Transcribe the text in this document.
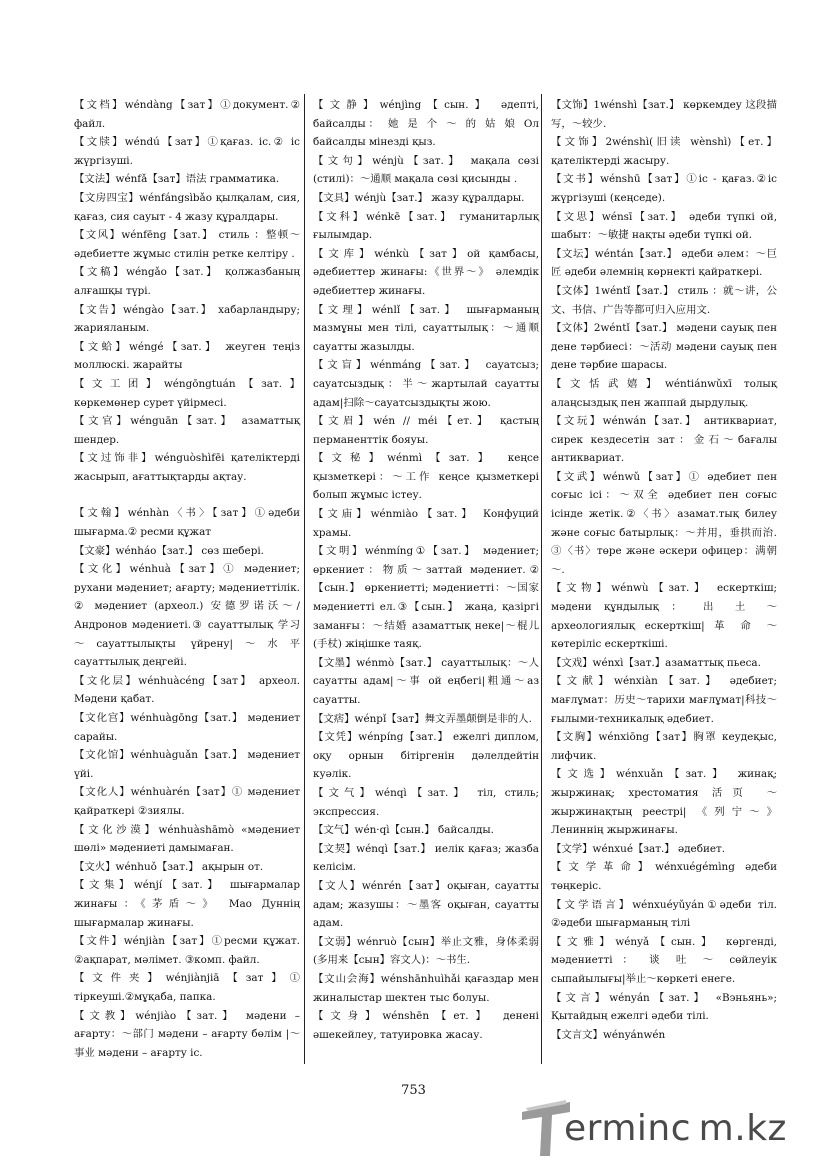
【文档】wéndàng【зат】①документ.② файл.
【文牍】wéndú【зат】①қағаз. іс.② іс жүргізуші.
【文法】wénfǎ【зат】语法 грамматика.
【文房四宝】wénfángsìbǎo қылқалам, сия, қағаз, сия сауыт - 4 жазу құралдары.
【文风】wénfēng【зат.】 стиль ：整顿～ әдебиетте жұмыс стилін ретке келтіру .
【文稿】wéngǎo【зат.】 қолжазбаның алғашқы түрі.
【文告】wéngào【зат.】 хабарландыру; жарияланым.
【文蛤】wéngé【зат.】 жеуген теңіз моллюскі. жарайты
【文工团】wéngōngtuán【зат.】 көркемөнер сурет үйірмесі.
【文官】wénguān【зат.】 азаматтық шендер.
【文过饰非】wénguòshìfēi қателіктерді жасырып, ағаттықтарды ақтау.
【文翰】wénhàn〈书〉【зат】①әдеби шығарма.② ресми құжат
【文豪】wénháo【зат.】 сөз шебері.
【文化】wénhuà【зат】① мәдениет; рухани мәдениет; ағарту; мәдениеттілік. ② мәдениет (археол.) 安德罗诺沃～/ Андронов мәдениеті.③ сауаттылық 学习～сауаттылықты үйрену|～水平 сауаттылық деңгейі.
【文化层】wénhuàcéng【зат】 археол. Мәдени қабат.
【文化宫】wénhuàgōng【зат.】 мәдениет сарайы.
【文化馆】wénhuàguǎn【зат.】 мәдениет үйі.
【文化人】wénhuàrén【зат】① мәдениет қайраткері ②зиялы.
【文化沙漠】wénhuàshāmò «мәдениет шөлі» мәдениеті дамымаған.
【文火】wénhuǒ【зат.】 ақырын от.
【文集】wénjí【зат.】 шығармалар жинағы：《茅盾～》 Мао Дуннің шығармалар жинағы.
【文件】wénjiàn【зат】①ресми құжат. ②ақпарат, мәлімет. ③комп. файл.
【文件夹】wénjiànjiā【зат】① тіркеуші.②мұқаба, папка.
【文教】wénjiào【зат.】 мәдени – ағарту：～部门 мәдени – ағарту бөлім |～事业 мәдени – ағарту іс.
【文静】wénjìng【сын.】 әдепті, байсалды： 她 是 个 ～ 的 姑 娘 Ол байсалды мінезді қыз.
【文句】wénjù【зат.】 мақала сөзі (стилі)：～通顺 мақала сөзі қисынды .
【文具】wénjù【зат.】 жазу құралдары.
【文科】wénkē【зат.】 гуманитарлық ғылымдар.
【文库】wénkù【зат】ой қамбасы, әдебиеттер жинағы:《世界～》 әлемдік әдебиеттер жинағы.
【文理】wénlǐ【зат.】 шығарманың мазмұны мен тілі, сауаттылық：～通顺 сауатты жазылды.
【文盲】wénmáng【зат.】 сауатсыз; сауатсыздық：半～жартылай сауатты адам|扫除～сауатсыздықты жою.
【文眉】wén // méi【ет.】 қастың перманенттік бояуы.
【文秘】wénmì【зат.】 кеңсе қызметкері：～工作 кеңсе қызметкері болып жұмыс істеу.
【文庙】wénmiào【зат.】 Конфуций храмы.
【文明】wénmíng①【зат.】 мәдениет; өркениет：物质～заттай мәдениет.②【сын.】 өркениетті; мәдениетті：～国家 мәдениетті ел.③【сын.】 жаңа, қазіргі заманғы：～结婚 азаматтық неке|～棍儿(手杖) жіңішке таяқ.
【文墨】wénmò【зат.】 сауаттылық：～人 сауатты адам|～事 ой еңбегі|粗通～аз сауатты.
【文痞】wénpǐ【зат】舞文弄墨颠倒是非的人.
【文凭】wénpíng【зат.】 ежелгі диплом, оқу орнын бітіргенін дәлелдейтін куәлік.
【文气】wénqì【зат.】 тіл, стиль; экспрессия.
【文气】wén·qì【сын.】 байсалды.
【文契】wénqì【зат.】 иелік қағаз; жазба келісім.
【文人】wénrén【зат】оқыған, сауатты адам; жазушы：～墨客 оқыған, сауатты адам.
【文弱】wénruò【сын】举止文雅，身体柔弱(多用来【сын】容文人)：～书生.
【文山会海】wénshānhuìhǎi қағаздар мен жиналыстар шектен тыс болуы.
【文身】wénshēn【ет.】 денені әшекейлеу, татуировка жасау.
【文饰】1wénshì【зат.】 көркемдеу 这段描写，～较少.
【文饰】2wénshì(旧读 wènshì)【ет.】 қателіктерді жасыру.
【文书】wénshū【зат】①іс - қағаз.②іс жүргізуші (кеңседе).
【文思】wénsī【зат.】 әдеби түпкі ой, шабыт：～敏捷 нақты әдеби түпкі ой.
【文坛】wéntán【зат.】 әдеби әлем：～巨匠 әдеби әлемнің көрнекті қайраткері.
【文体】1wéntǐ【зат.】 стиль ：就～讲，公文、书信、广告等都可归入应用文.
【文体】2wéntǐ【зат.】 мәдени сауық пен дене тәрбиесі：～活动 мәдени сауық пен дене тәрбие шарасы.
【文恬武嬉】wéntiánwǔxī толық алаңсыздық пен жаппай дырдулық.
【文玩】wénwán【зат.】 антиквариат, сирек кездесетін зат：金石～бағалы антиквариат.
【文武】wénwǔ【зат】① әдебиет пен соғыс ісі：～双全 әдебиет пен соғыс ісінде жетік.②〈书〉азамат.тық билеу және соғыс батырлық：～并用，垂拱而治. ③〈书〉төре және әскери офицер：满朝～.
【文物】wénwù【зат.】 ескерткіш; мәдени құндылық ： 出 土 ～ археологиялық ескерткіш| 革 命 ～ көтеріліс ескерткіші.
【文戏】wénxì【зат.】азаматтық пьеса.
【文献】wénxiàn【зат.】 әдебиет; мағлұмат：历史～тарихи мағлұмат|科技～ғылыми-техникалық әдебиет.
【文胸】wénxiōng【зат】胸罩 кеудеқыс, лифчик.
【文选】wénxuǎn【зат.】 жинақ; жыржинақ; хрестоматия 活页 ～ жыржинақтың реестрі| 《列宁～》 Лениннің жыржинағы.
【文学】wénxué【зат.】 әдебиет.
【文学革命】wénxuégémìng әдеби төңкеріс.
【文学语言】wénxuéyǔyán①әдеби тіл. ②әдеби шығарманың тілі
【文雅】wényǎ【сын.】 көргенді, мәдениетті ： 谈 吐 ～ сөйлеуік сыпайылығы|举止～көркеті енеге.
【文言】wényán【зат.】 «Вэньянь»; Қытайдың ежелгі әдеби тілі.
【文言文】wényánwén
753
erminc m.kz
